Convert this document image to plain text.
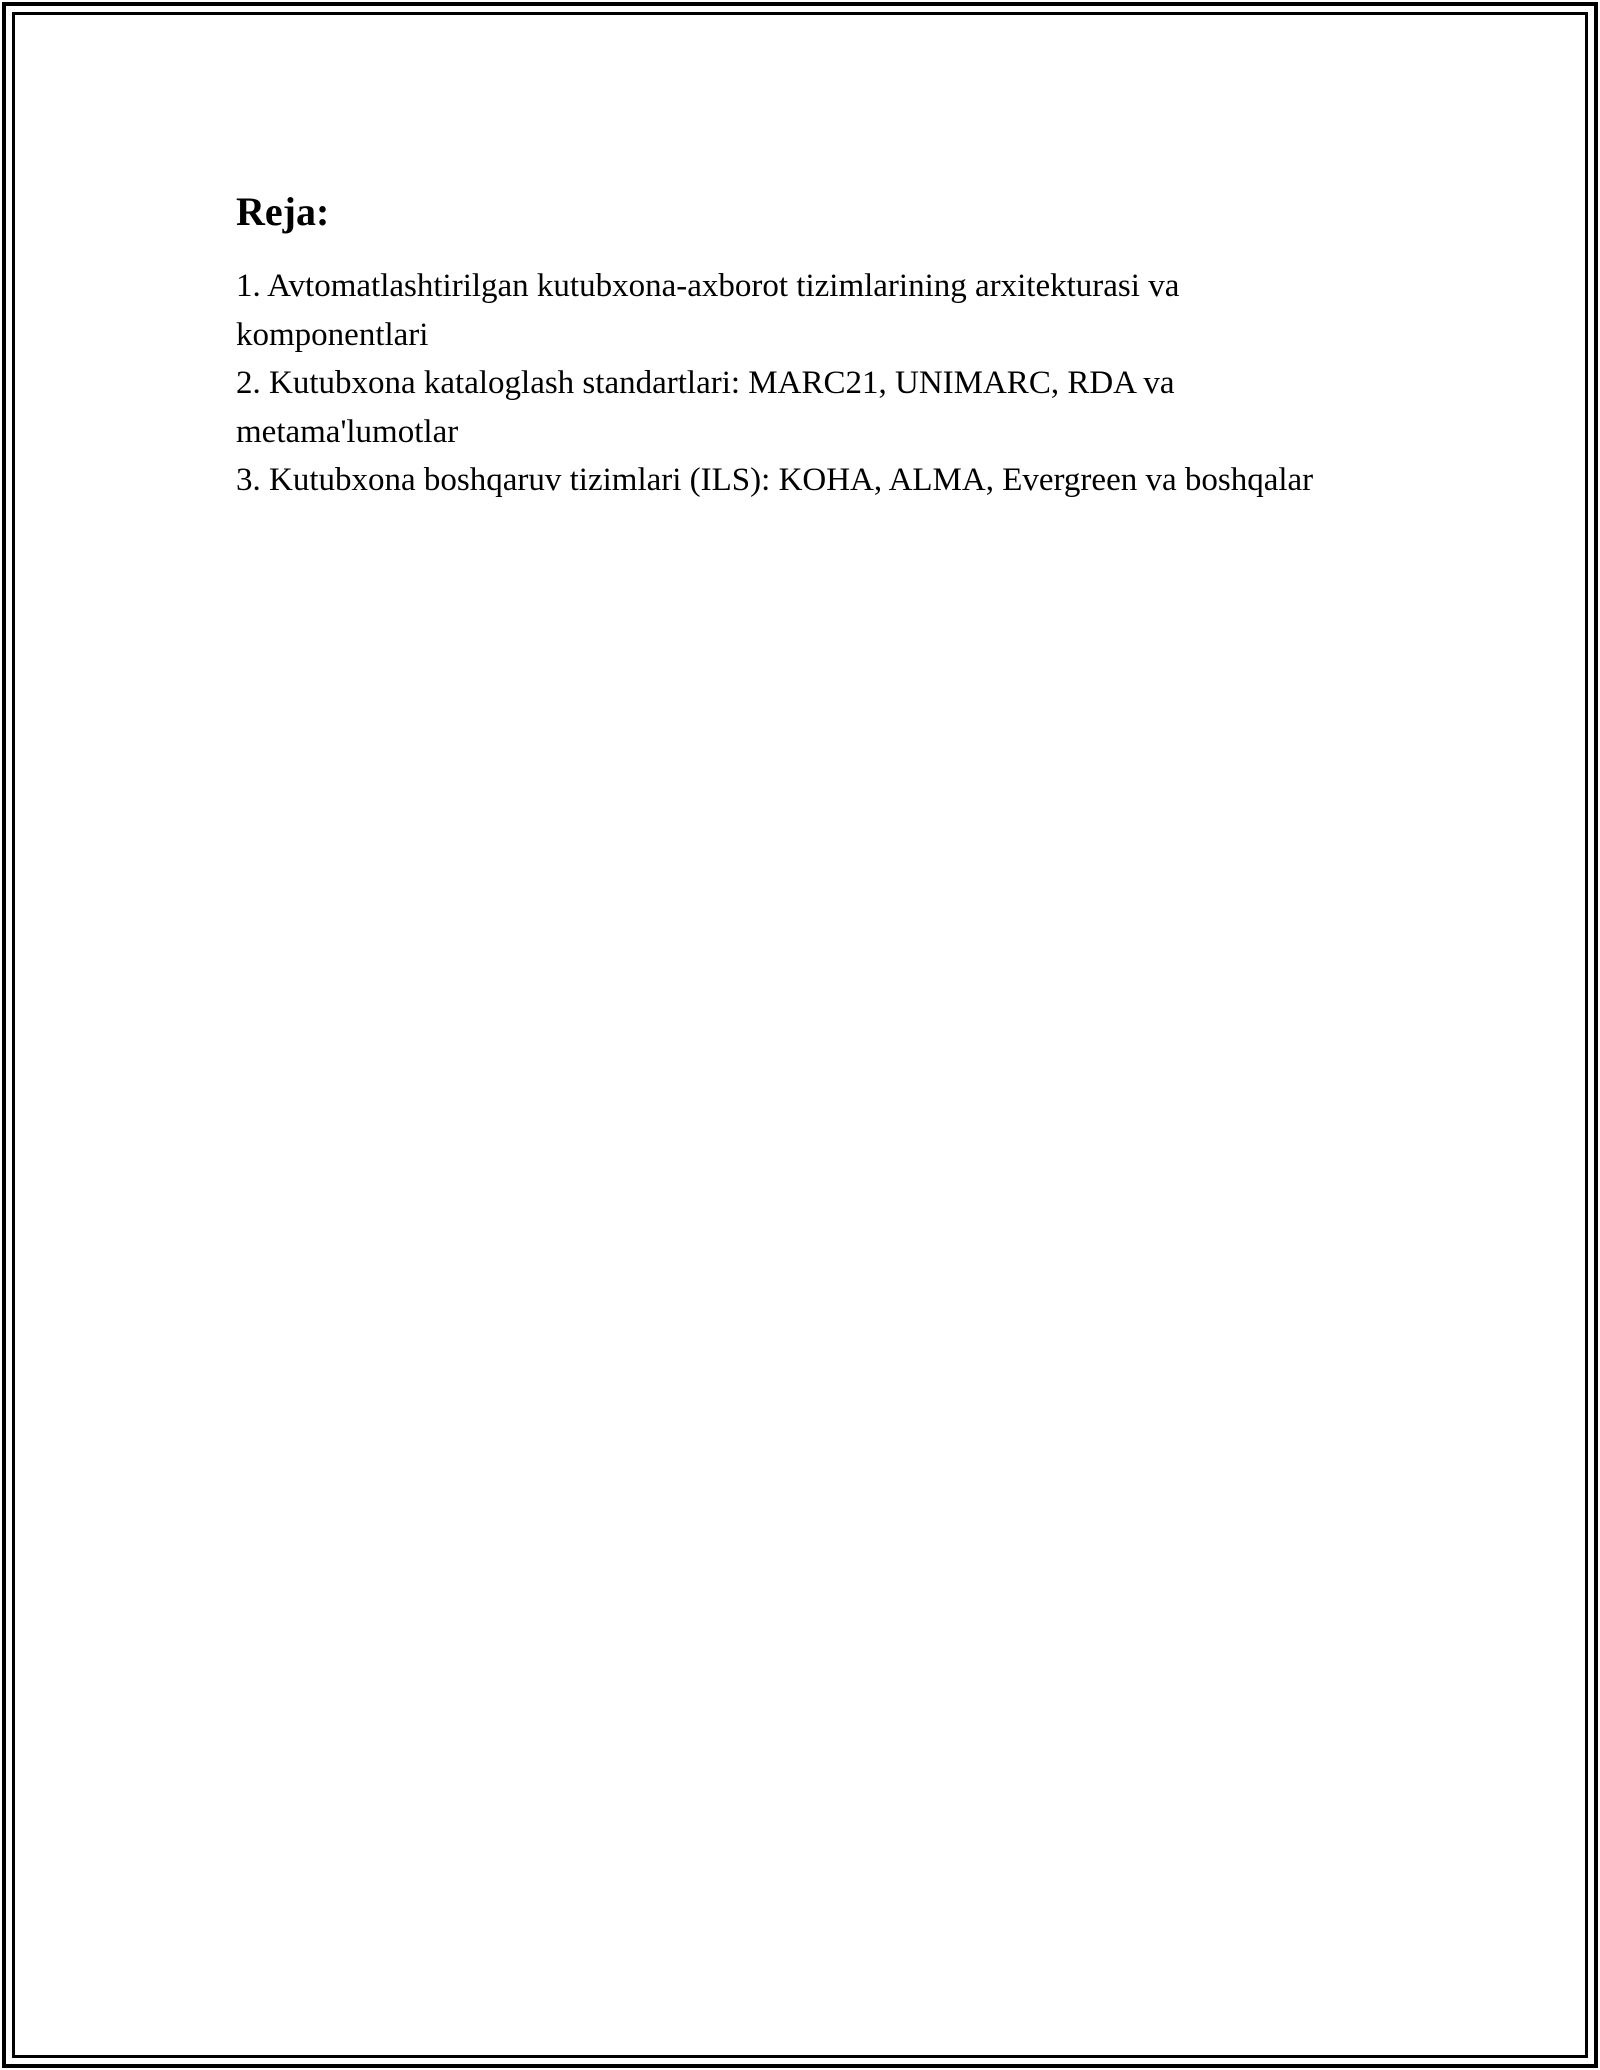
Reja:
1. Avtomatlashtirilgan kutubxona-axborot tizimlarining arxitekturasi va komponentlari
2. Kutubxona kataloglash standartlari: MARC21, UNIMARC, RDA va metama'lumotlar
3. Kutubxona boshqaruv tizimlari (ILS): KOHA, ALMA, Evergreen va boshqalar
